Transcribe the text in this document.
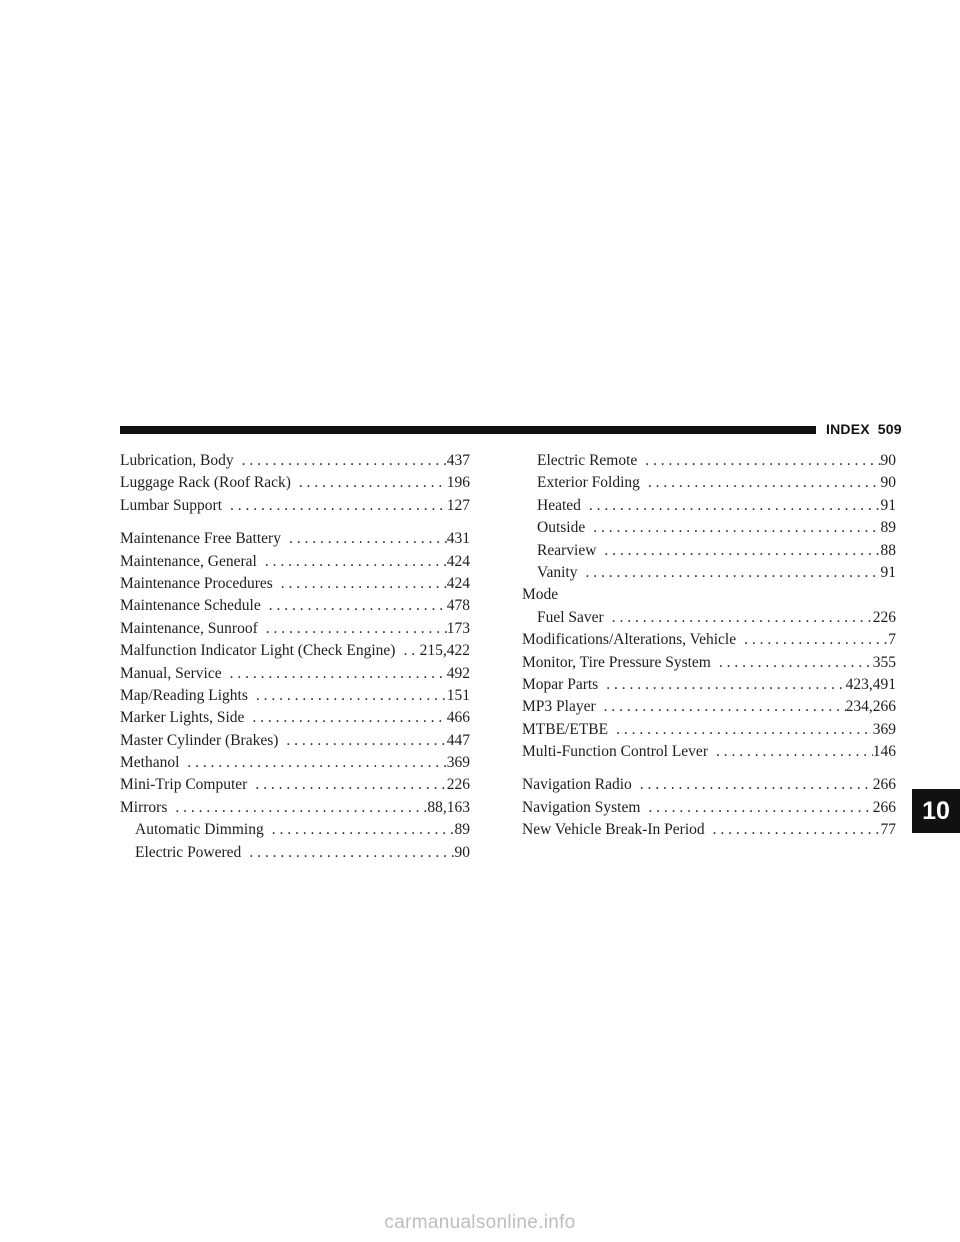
INDEX 509
Lubrication, Body . . .	437
Luggage Rack (Roof Rack) . . .	196
Lumbar Support . . .	127
Maintenance Free Battery . . .	431
Maintenance, General . . .	424
Maintenance Procedures . . .	424
Maintenance Schedule . . .	478
Maintenance, Sunroof . . .	173
Malfunction Indicator Light (Check Engine) . . . 215,422
Manual, Service . . .	492
Map/Reading Lights . . .	151
Marker Lights, Side . . .	466
Master Cylinder (Brakes) . . .	447
Methanol . . .	369
Mini-Trip Computer . . .	226
Mirrors . . .	88,163
Automatic Dimming . . .	89
Electric Powered . . .	90
Electric Remote . . .	90
Exterior Folding . . .	90
Heated . . .	91
Outside . . .	89
Rearview . . .	88
Vanity . . .	91
Mode
Fuel Saver . . .	226
Modifications/Alterations, Vehicle . . .	7
Monitor, Tire Pressure System . . .	355
Mopar Parts . . .	423,491
MP3 Player . . .	234,266
MTBE/ETBE . . .	369
Multi-Function Control Lever . . .	146
Navigation Radio . . .	266
Navigation System . . .	266
New Vehicle Break-In Period . . .	77
10
carmanualsonline.info
